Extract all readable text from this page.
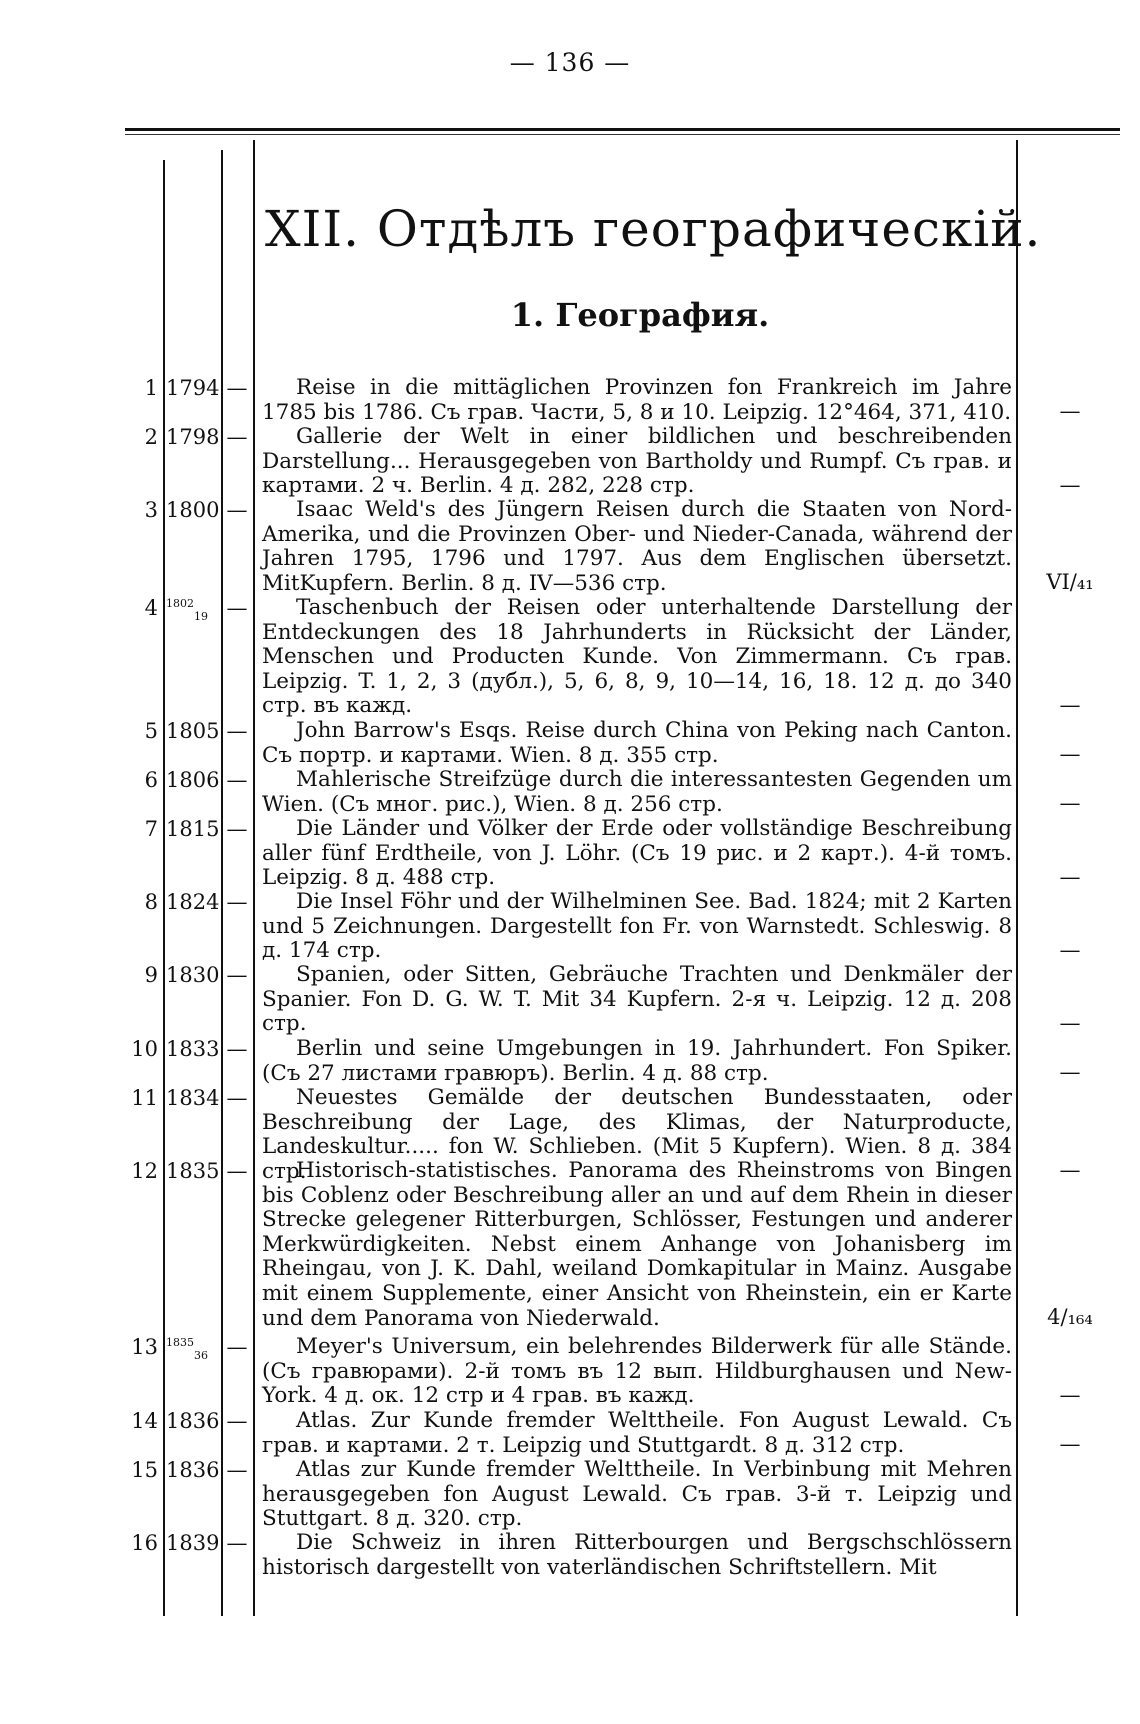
— 136 —
XII. Отдѣлъ географическій.
1. География.
1 1794 —	Reise in die mittäglichen Provinzen fon Frankreich im Jahre 1785 bis 1786. Съ грав. Части, 5, 8 и 10. Leipzig. 12°464, 371, 410.	—
2 1798 —	Gallerie der Welt in einer bildlichen und beschreibenden Darstellung... Herausgegeben von Bartholdy und Rumpf. Съ грав. и картами. 2 ч. Berlin. 4 д. 282, 228 стр.	—
3 1800 —	Isaac Weld's des Jüngern Reisen durch die Staaten von Nord-Amerika, und die Provinzen Ober- und Nieder-Canada, während der Jahren 1795, 1796 und 1797. Aus dem Englischen übersetzt. MitKupfern. Berlin. 8 д. IV—536 стр.	VI/₄₁
4 $^{1802}_{19}$ —	Taschenbuch der Reisen oder unterhaltende Darstellung der Entdeckungen des 18 Jahrhunderts in Rücksicht der Länder, Menschen und Producten Kunde. Von Zimmermann. Съ грав. Leipzig. T. 1, 2, 3 (дубл.), 5, 6, 8, 9, 10—14, 16, 18. 12 д. до 340 стр. въ кажд.	—
5 1805 —	John Barrow's Esqs. Reise durch China von Peking nach Canton. Съ портр. и картами. Wien. 8 д. 355 стр.	—
6 1806 —	Mahlerische Streifzüge durch die interessantesten Gegenden um Wien. (Съ мног. рис.), Wien. 8 д. 256 стр.	—
7 1815 —	Die Länder und Völker der Erde oder vollständige Beschreibung aller fünf Erdtheile, von J. Löhr. (Съ 19 рис. и 2 карт.). 4-й томъ. Leipzig. 8 д. 488 стр.	—
8 1824 —	Die Insel Föhr und der Wilhelminen See. Bad. 1824; mit 2 Karten und 5 Zeichnungen. Dargestellt fon Fr. von Warnstedt. Schleswig. 8 д. 174 стр.	—
9 1830 —	Spanien, oder Sitten, Gebräuche Trachten und Denkmäler der Spanier. Fon D. G. W. T. Mit 34 Kupfern. 2-я ч. Leipzig. 12 д. 208 стр.	—
10 1833 —	Berlin und seine Umgebungen in 19. Jahrhundert. Fon Spiker. (Съ 27 листами гравюръ). Berlin. 4 д. 88 стр.	—
11 1834 —	Neuestes Gemälde der deutschen Bundesstaaten, oder Beschreibung der Lage, des Klimas, der Naturproducte, Landeskultur..... fon W. Schlieben. (Mit 5 Kupfern). Wien. 8 д. 384 стр.	—
12 1835 —	Historisch-statistisches. Panorama des Rheinstroms von Bingen bis Coblenz oder Beschreibung aller an und auf dem Rhein in dieser Strecke gelegener Ritterburgen, Schlösser, Festungen und anderer Merkwürdigkeiten. Nebst einem Anhange von Johanisberg im Rheingau, von J. K. Dahl, weiland Domkapitular in Mainz. Ausgabe mit einem Supplemente, einer Ansicht von Rheinstein, ein er Karte und dem Panorama von Niederwald.	4/₁₆₄
13 $^{1835}_{36}$ —	Meyer's Universum, ein belehrendes Bilderwerk für alle Stände. (Съ гравюрами). 2-й томъ въ 12 вып. Hildburghausen und New-York. 4 д. ок. 12 стр и 4 грав. въ кажд.	—
14 1836 —	Atlas. Zur Kunde fremder Welttheile. Fon August Lewald. Съ грав. и картами. 2 т. Leipzig und Stuttgardt. 8 д. 312 стр.	—
15 1836 —	Atlas zur Kunde fremder Welttheile. In Verbinbung mit Mehren herausgegeben fon August Lewald. Съ грав. 3-й т. Leipzig und Stuttgart. 8 д. 320. стр.
16 1839 —	Die Schweiz in ihren Ritterbourgen und Bergschschlössern historisch dargestellt von vaterländischen Schriftstellern. Mit
